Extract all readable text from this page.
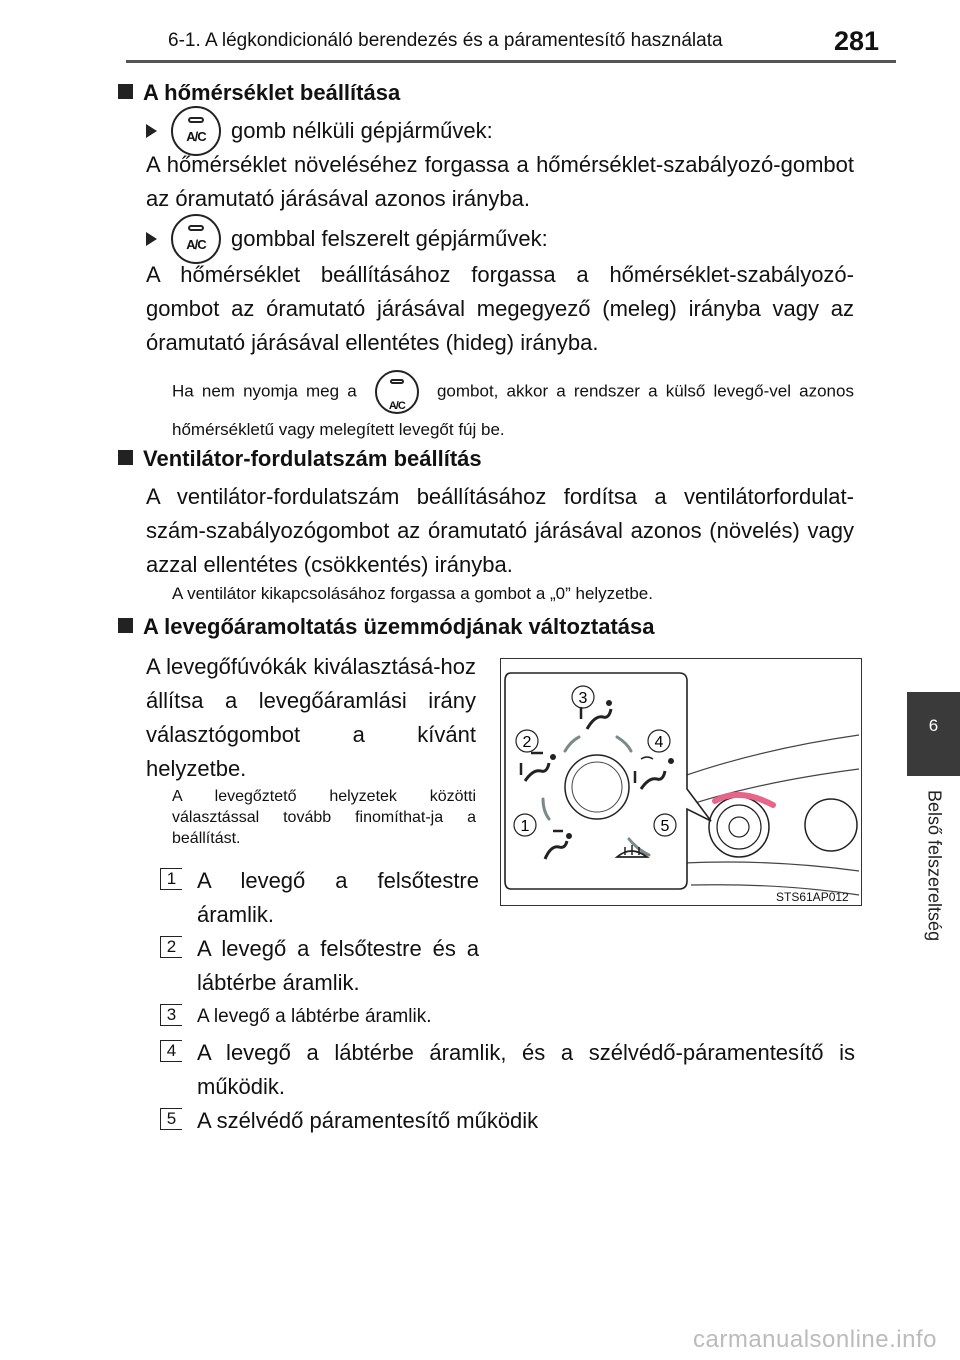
6-1. A légkondicionáló berendezés és a páramentesítő használata	281
6
Belső felszereltség
A hőmérséklet beállítása
A/C	gomb nélküli gépjárművek:
A hőmérséklet növeléséhez forgassa a hőmérséklet-szabályozó-gombot az óramutató járásával azonos irányba.
A/C	gombbal felszerelt gépjárművek:
A hőmérséklet beállításához forgassa a hőmérséklet-szabályozó-gombot az óramutató járásával megegyező (meleg) irányba vagy az óramutató járásával ellentétes (hideg) irányba.
Ha nem nyomja meg a
A/C
gombot, akkor a rendszer a külső levegő-vel azonos hőmérsékletű vagy melegített levegőt fúj be.
Ventilátor-fordulatszám beállítás
A ventilátor-fordulatszám beállításához fordítsa a ventilátorfordulat-szám-szabályozógombot az óramutató járásával azonos (növelés) vagy azzal ellentétes (csökkentés) irányba.
A ventilátor kikapcsolásához forgassa a gombot a „0” helyzetbe.
A levegőáramoltatás üzemmódjának változtatása
A levegőfúvókák kiválasztásá-hoz állítsa a levegőáramlási irány választógombot a kívánt helyzetbe.
A levegőztető helyzetek közötti választással tovább finomíthat-ja a beállítást.
1 A levegő a felsőtestre áramlik.
2 A levegő a felsőtestre és a lábtérbe áramlik.
3	A levegő a lábtérbe áramlik.
4 A levegő a lábtérbe áramlik, és a szélvédő-páramentesítő is működik.
5 A szélvédő páramentesítő működik
3
2	4
1	5
STS61AP012
carmanualsonline.info
